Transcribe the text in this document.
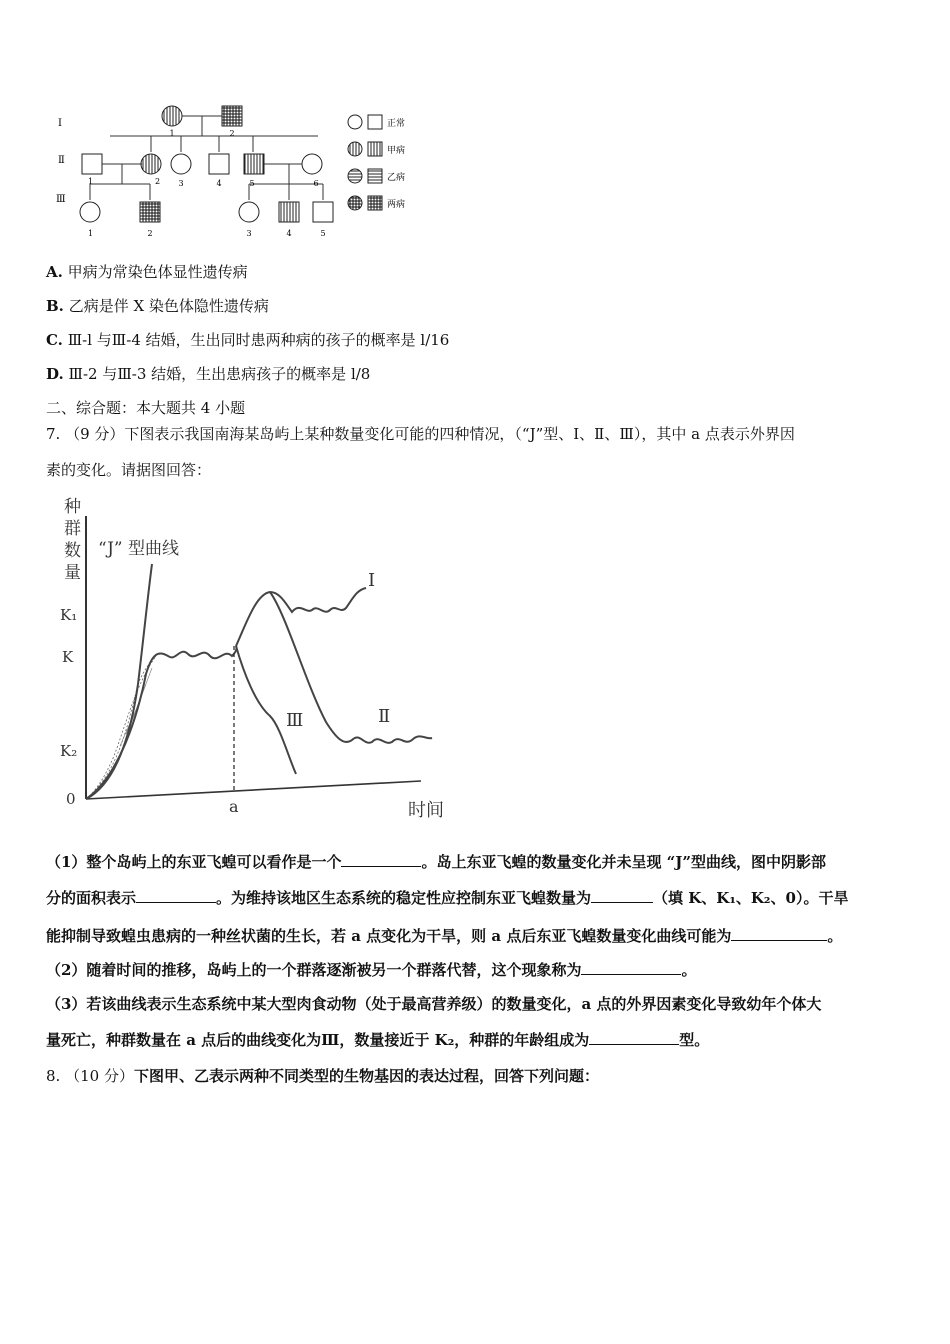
Ⅰ
Ⅱ
Ⅲ
1	2
1	2 3	4	5	6
1	2	3	4	5
正常
甲病
乙病
两病
A. 甲病为常染色体显性遗传病
B. 乙病是伴 X 染色体隐性遗传病
C. Ⅲ-l 与Ⅲ-4 结婚，生出同时患两种病的孩子的概率是 l/16
D. Ⅲ-2 与Ⅲ-3 结婚，生出患病孩子的概率是 l/8
二、综合题：本大题共 4 小题
7. （9 分）下图表示我国南海某岛屿上某种数量变化可能的四种情况，（“J”型、Ⅰ、Ⅱ、Ⅲ），其中 a 点表示外界因
素的变化。请据图回答：
种群数量
K₁
K
K₂
0	a	时间
“J” 型曲线
Ⅰ
Ⅱ
Ⅲ
（1）整个岛屿上的东亚飞蝗可以看作是一个	。岛上东亚飞蝗的数量变化并未呈现 “J”型曲线，图中阴影部
分的面积表示	。为维持该地区生态系统的稳定性应控制东亚飞蝗数量为	（填 K、K₁、K₂、0）。干旱
能抑制导致蝗虫患病的一种丝状菌的生长，若 a 点变化为干旱，则 a 点后东亚飞蝗数量变化曲线可能为	。
（2）随着时间的推移，岛屿上的一个群落逐渐被另一个群落代替，这个现象称为	。
（3）若该曲线表示生态系统中某大型肉食动物（处于最高营养级）的数量变化，a 点的外界因素变化导致幼年个体大
量死亡，种群数量在 a 点后的曲线变化为Ⅲ，数量接近于 K₂，种群的年龄组成为	型。
8. （10 分）下图甲、乙表示两种不同类型的生物基因的表达过程，回答下列问题：
